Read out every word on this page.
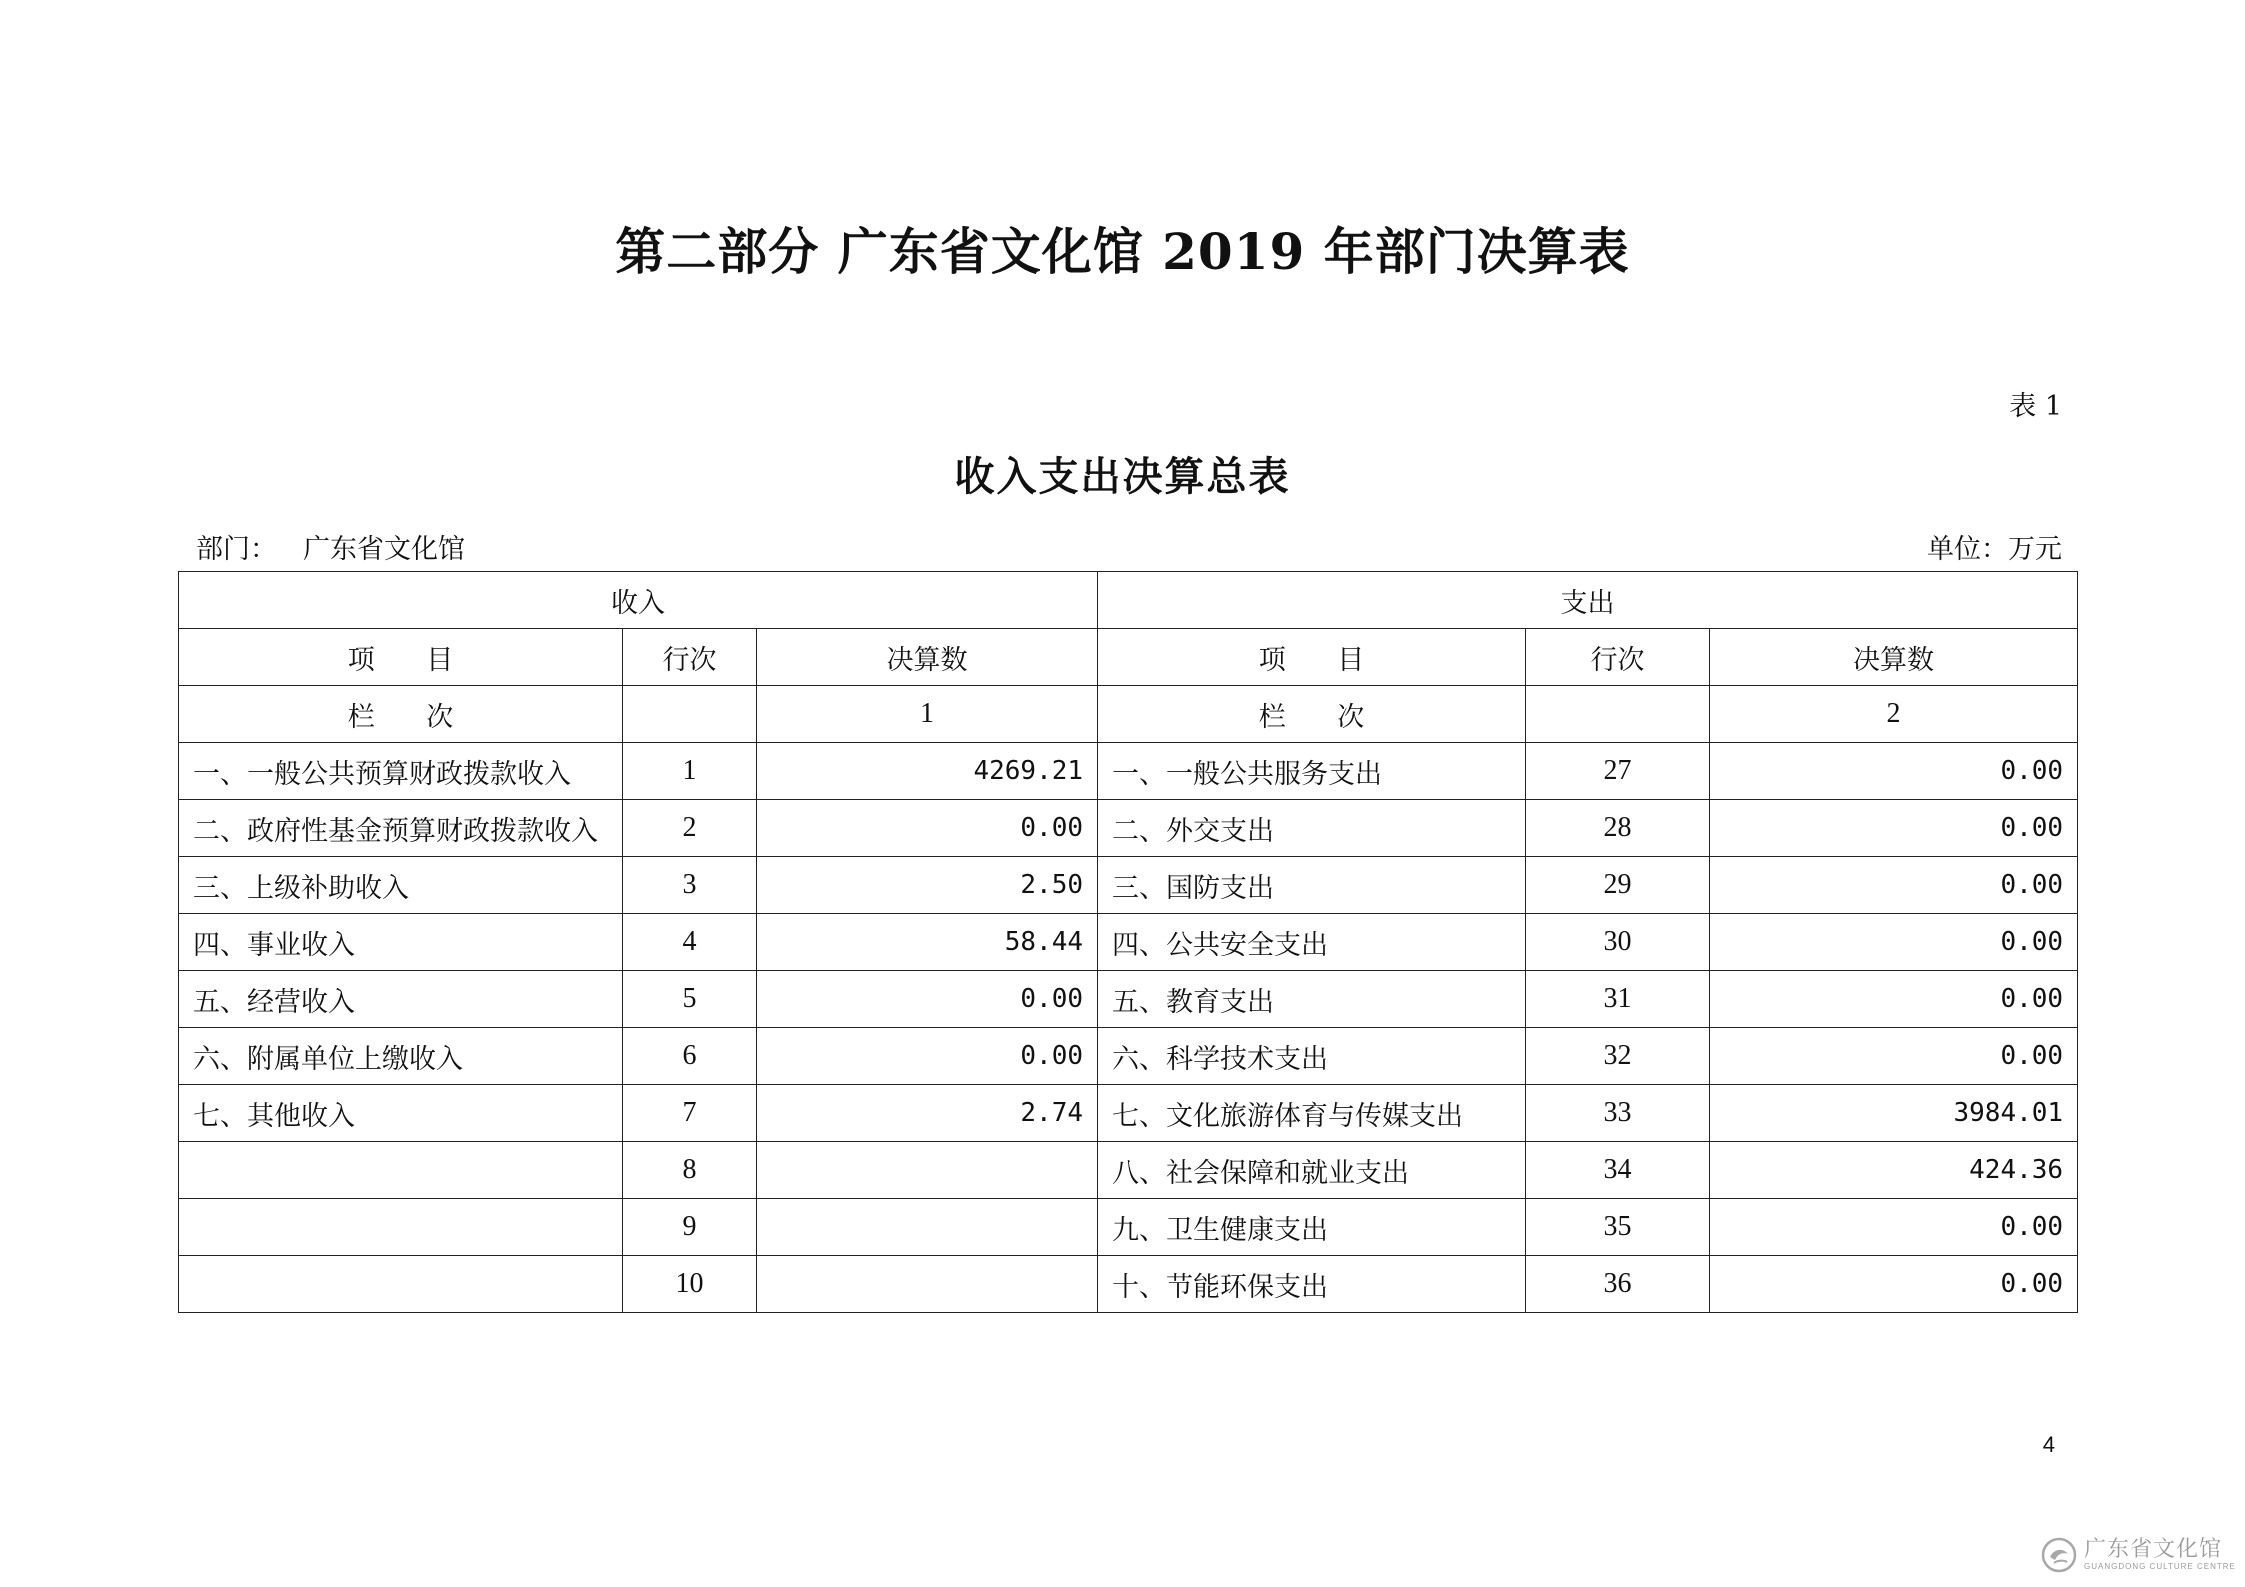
第二部分 广东省文化馆 2019 年部门决算表
表 1
收入支出决算总表
部门： 广东省文化馆	单位：万元
收入			支出		
项      目	行次	决算数	项      目	行次	决算数
栏      次		1	栏      次		2
一、一般公共预算财政拨款收入	1	4269.21	一、一般公共服务支出	27	0.00
二、政府性基金预算财政拨款收入	2	0.00	二、外交支出	28	0.00
三、上级补助收入	3	2.50	三、国防支出	29	0.00
四、事业收入	4	58.44	四、公共安全支出	30	0.00
五、经营收入	5	0.00	五、教育支出	31	0.00
六、附属单位上缴收入	6	0.00	六、科学技术支出	32	0.00
七、其他收入	7	2.74	七、文化旅游体育与传媒支出	33	3984.01
	8		八、社会保障和就业支出	34	424.36
	9		九、卫生健康支出	35	0.00
	10		十、节能环保支出	36	0.00
4
广东省文化馆
GUANGDONG CULTURE CENTRE
